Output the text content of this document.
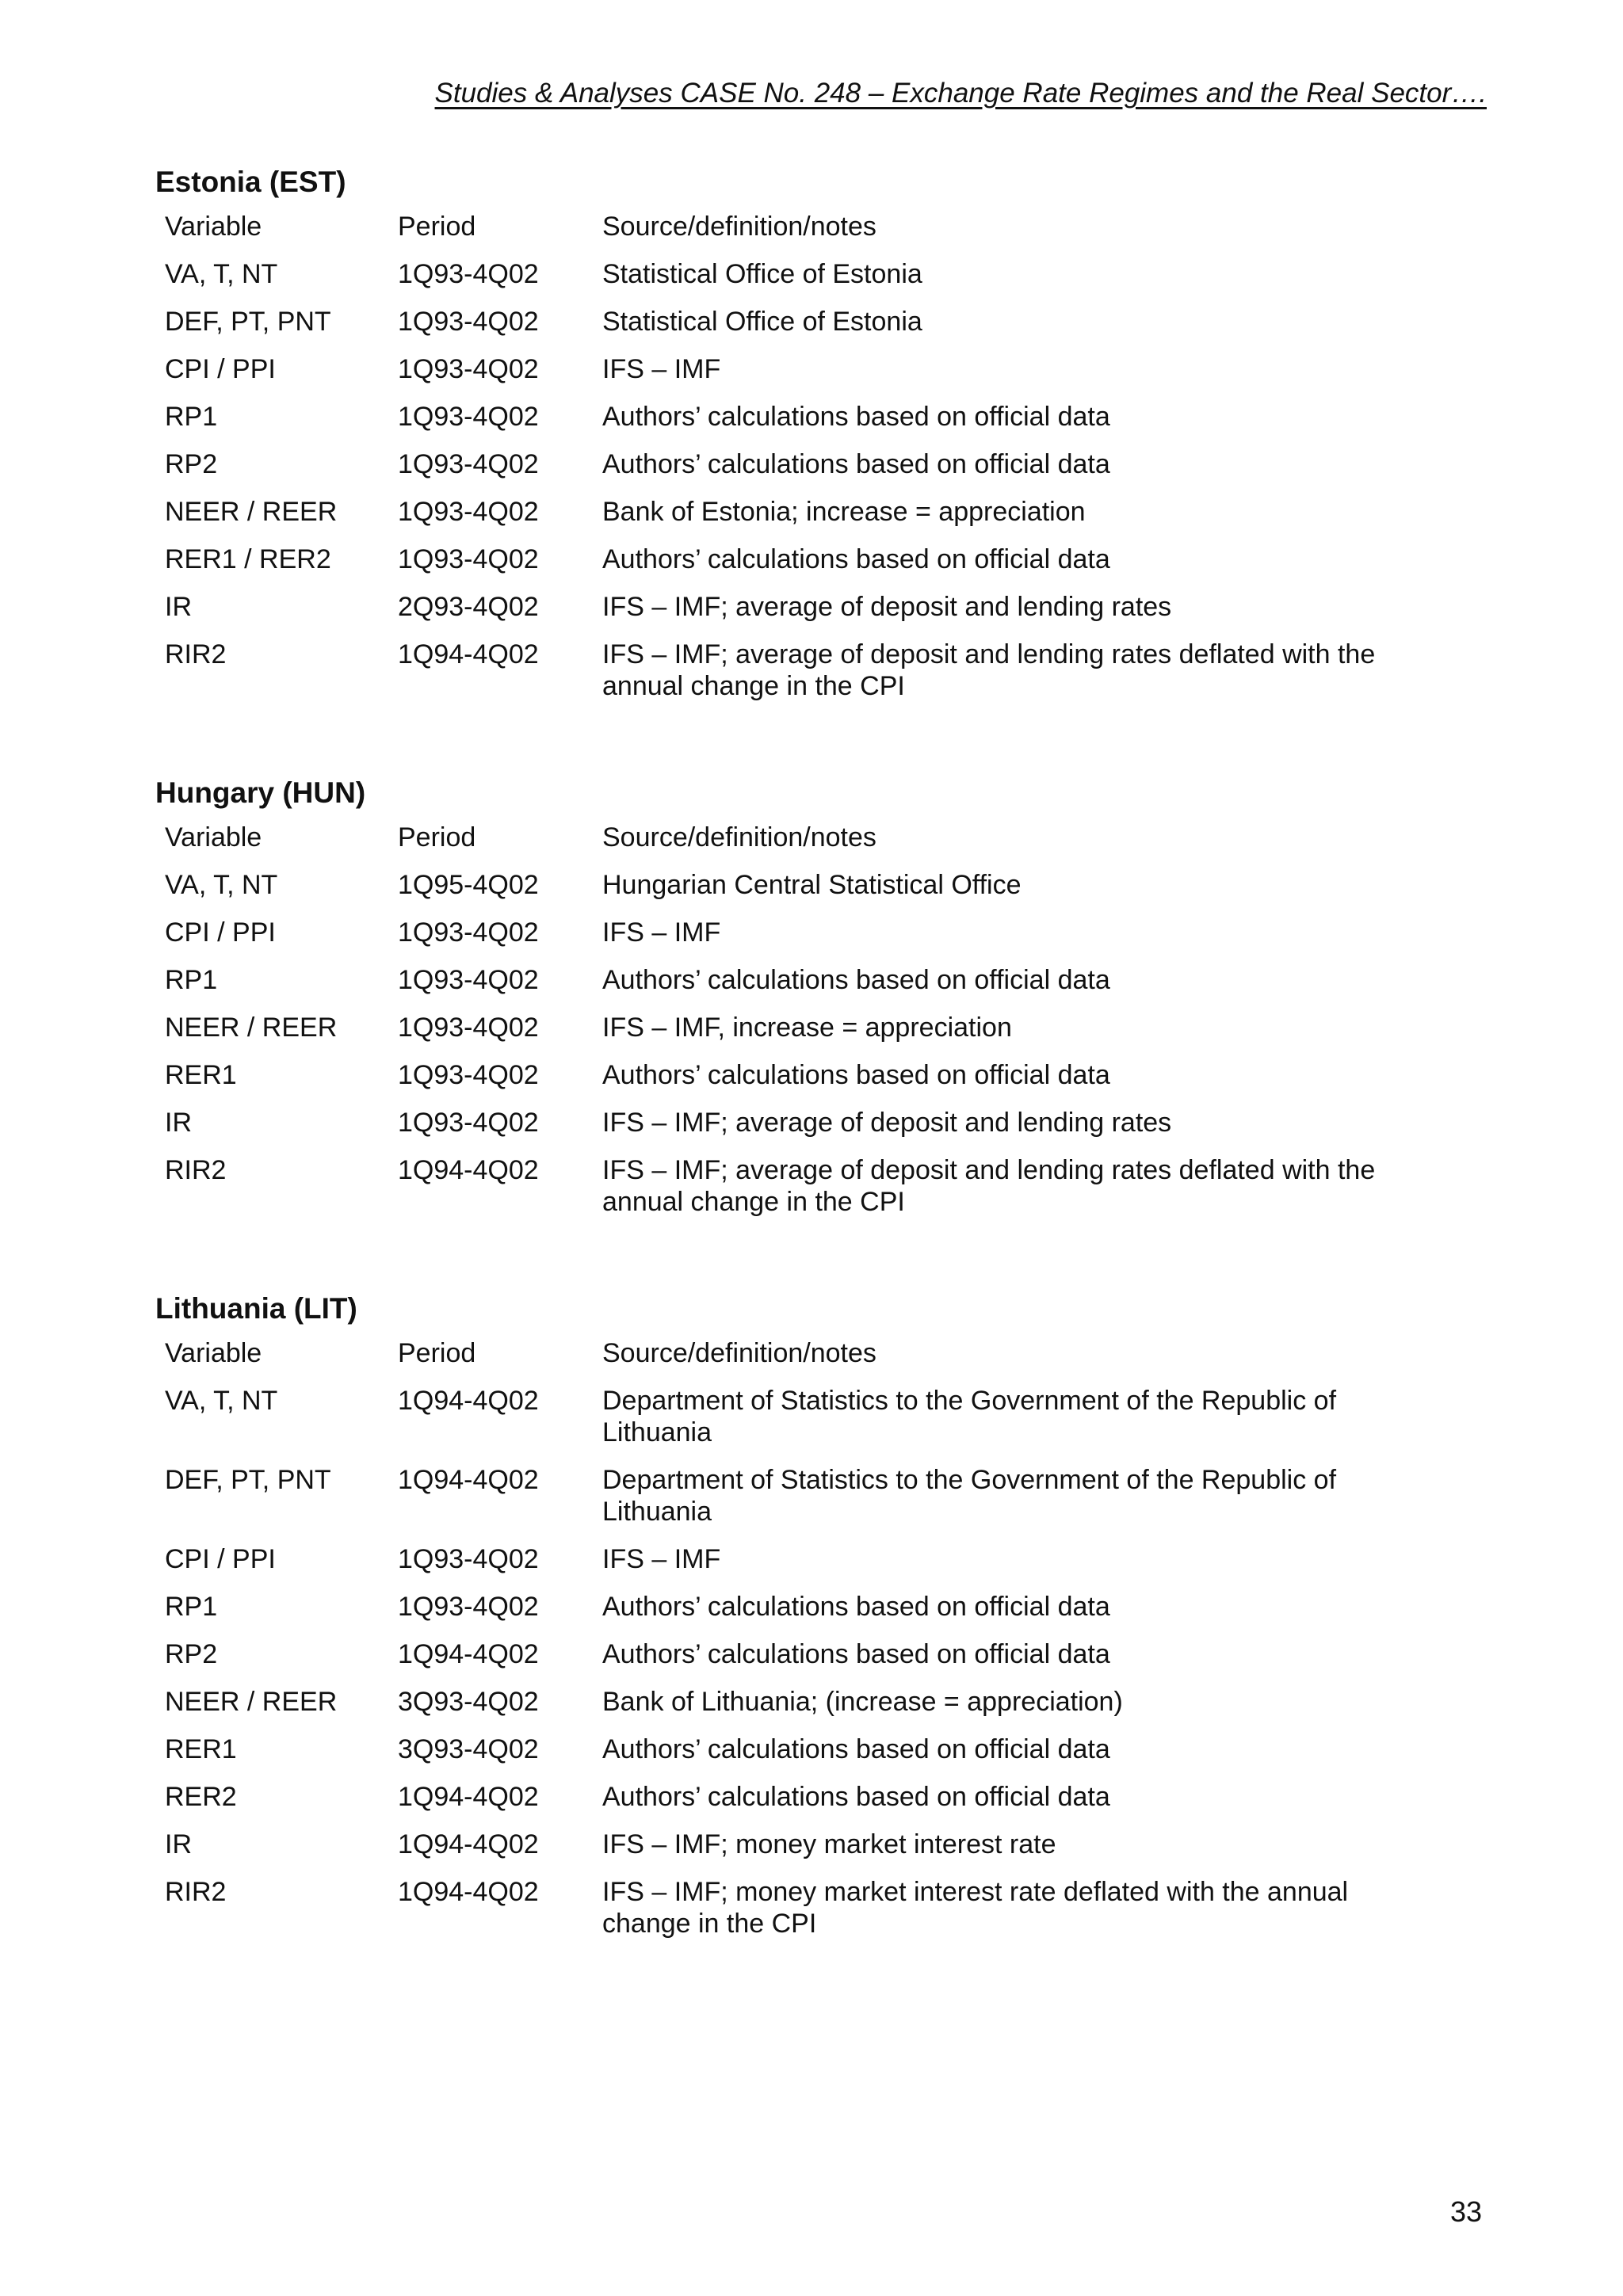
Studies & Analyses CASE No. 248 – Exchange Rate Regimes and the Real Sector….
Estonia (EST)
Variable	Period	Source/definition/notes
VA, T, NT	1Q93-4Q02	Statistical Office of Estonia
DEF, PT, PNT	1Q93-4Q02	Statistical Office of Estonia
CPI / PPI	1Q93-4Q02	IFS – IMF
RP1	1Q93-4Q02	Authors’ calculations based on official data
RP2	1Q93-4Q02	Authors’ calculations based on official data
NEER / REER	1Q93-4Q02	Bank of Estonia; increase = appreciation
RER1 / RER2	1Q93-4Q02	Authors’ calculations based on official data
IR	2Q93-4Q02	IFS – IMF; average of deposit and lending rates
RIR2	1Q94-4Q02	IFS – IMF; average of deposit and lending rates deflated with the annual change in the CPI
Hungary (HUN)
Variable	Period	Source/definition/notes
VA, T, NT	1Q95-4Q02	Hungarian Central Statistical Office
CPI / PPI	1Q93-4Q02	IFS – IMF
RP1	1Q93-4Q02	Authors’ calculations based on official data
NEER / REER	1Q93-4Q02	IFS – IMF, increase = appreciation
RER1	1Q93-4Q02	Authors’ calculations based on official data
IR	1Q93-4Q02	IFS – IMF; average of deposit and lending rates
RIR2	1Q94-4Q02	IFS – IMF; average of deposit and lending rates deflated with the annual change in the CPI
Lithuania (LIT)
Variable	Period	Source/definition/notes
VA, T, NT	1Q94-4Q02	Department of Statistics to the Government of the Republic of Lithuania
DEF, PT, PNT	1Q94-4Q02	Department of Statistics to the Government of the Republic of Lithuania
CPI / PPI	1Q93-4Q02	IFS – IMF
RP1	1Q93-4Q02	Authors’ calculations based on official data
RP2	1Q94-4Q02	Authors’ calculations based on official data
NEER / REER	3Q93-4Q02	Bank of Lithuania; (increase = appreciation)
RER1	3Q93-4Q02	Authors’ calculations based on official data
RER2	1Q94-4Q02	Authors’ calculations based on official data
IR	1Q94-4Q02	IFS – IMF; money market interest rate
RIR2	1Q94-4Q02	IFS – IMF; money market interest rate deflated with the annual change in the CPI
33
